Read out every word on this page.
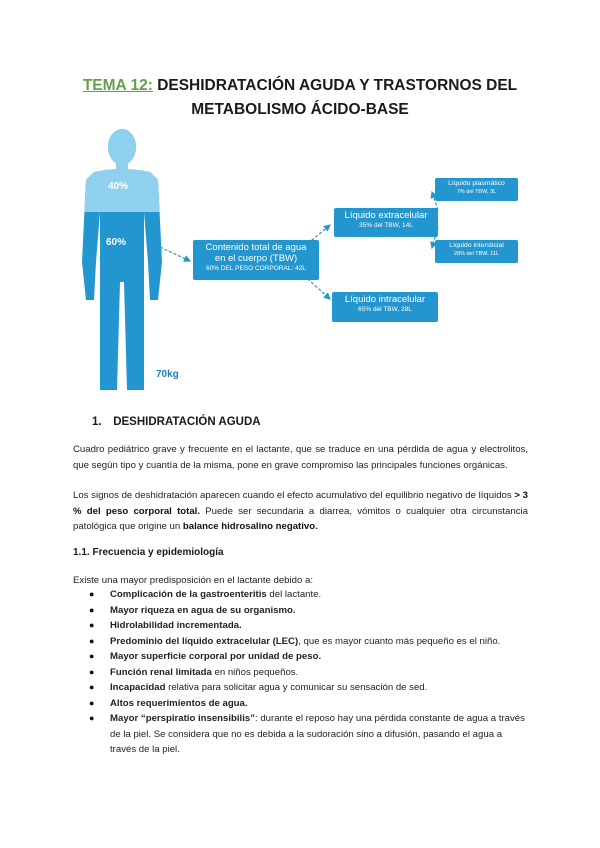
TEMA 12: DESHIDRATACIÓN AGUDA Y TRASTORNOS DEL
METABOLISMO ÁCIDO-BASE
40%
60%
70kg
Contenido total de agua
en el cuerpo (TBW)
60% DEL PESO CORPORAL: 42L
Líquido extracelular
35% del TBW, 14L
Líquido intracelular
65% del TBW, 28L
Líquido plasmático
7% del TBW, 3L
Líquido intersticial
28% del TBW, 11L
1. DESHIDRATACIÓN AGUDA
Cuadro pediátrico grave y frecuente en el lactante, que se traduce en una pérdida de agua y electrolitos, que según tipo y cuantía de la misma, pone en grave compromiso las principales funciones orgánicas.
Los signos de deshidratación aparecen cuando el efecto acumulativo del equilibrio negativo de líquidos > 3 % del peso corporal total. Puede ser secundaria a diarrea, vómitos o cualquier otra circunstancia patológica que origine un balance hidrosalino negativo.
1.1. Frecuencia y epidemiología
Existe una mayor predisposición en el lactante debido a:
● Complicación de la gastroenteritis del lactante.
● Mayor riqueza en agua de su organismo.
● Hidrolabilidad incrementada.
● Predominio del líquido extracelular (LEC), que es mayor cuanto más pequeño es el niño.
● Mayor superficie corporal por unidad de peso.
● Función renal limitada en niños pequeños.
● Incapacidad relativa para solicitar agua y comunicar su sensación de sed.
● Altos requerimientos de agua.
● Mayor “perspiratio insensibilis”: durante el reposo hay una pérdida constante de agua a través de la piel. Se considera que no es debida a la sudoración sino a difusión, pasando el agua a través de la piel.
